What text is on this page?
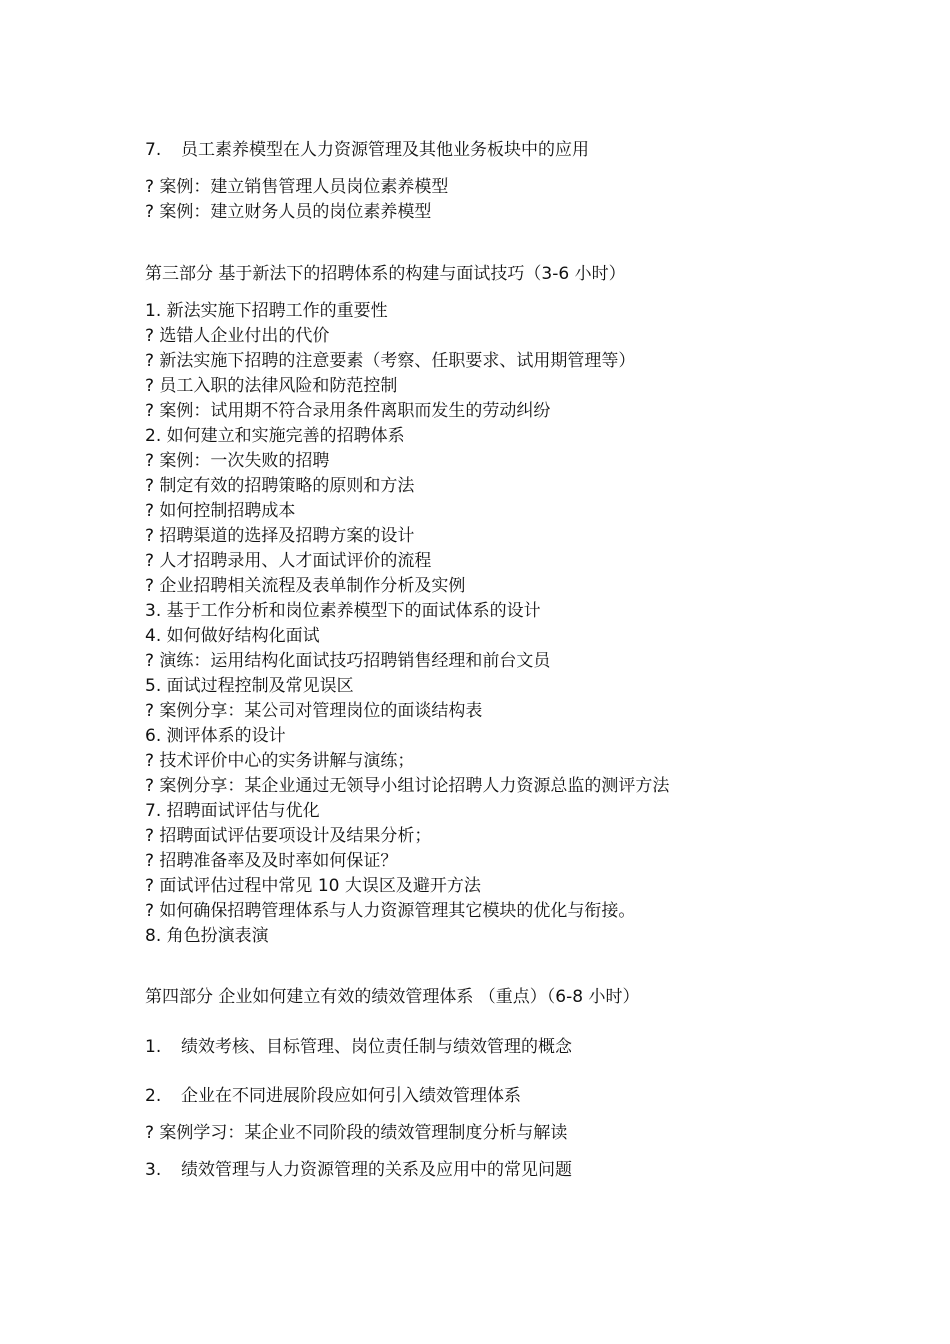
7. 员工素养模型在人力资源管理及其他业务板块中的应用
? 案例：建立销售管理人员岗位素养模型
? 案例：建立财务人员的岗位素养模型
第三部分 基于新法下的招聘体系的构建与面试技巧（3-6 小时）
1. 新法实施下招聘工作的重要性
? 选错人企业付出的代价
? 新法实施下招聘的注意要素（考察、任职要求、试用期管理等）
? 员工入职的法律风险和防范控制
? 案例：试用期不符合录用条件离职而发生的劳动纠纷
2. 如何建立和实施完善的招聘体系
? 案例：一次失败的招聘
? 制定有效的招聘策略的原则和方法
? 如何控制招聘成本
? 招聘渠道的选择及招聘方案的设计
? 人才招聘录用、人才面试评价的流程
? 企业招聘相关流程及表单制作分析及实例
3. 基于工作分析和岗位素养模型下的面试体系的设计
4. 如何做好结构化面试
? 演练：运用结构化面试技巧招聘销售经理和前台文员
5. 面试过程控制及常见误区
? 案例分享：某公司对管理岗位的面谈结构表
6. 测评体系的设计
? 技术评价中心的实务讲解与演练；
? 案例分享：某企业通过无领导小组讨论招聘人力资源总监的测评方法
7. 招聘面试评估与优化
? 招聘面试评估要项设计及结果分析；
? 招聘准备率及及时率如何保证？
? 面试评估过程中常见 10 大误区及避开方法
? 如何确保招聘管理体系与人力资源管理其它模块的优化与衔接。
8. 角色扮演表演
第四部分 企业如何建立有效的绩效管理体系 （重点）（6-8 小时）
1. 绩效考核、目标管理、岗位责任制与绩效管理的概念
2. 企业在不同进展阶段应如何引入绩效管理体系
? 案例学习：某企业不同阶段的绩效管理制度分析与解读
3. 绩效管理与人力资源管理的关系及应用中的常见问题
